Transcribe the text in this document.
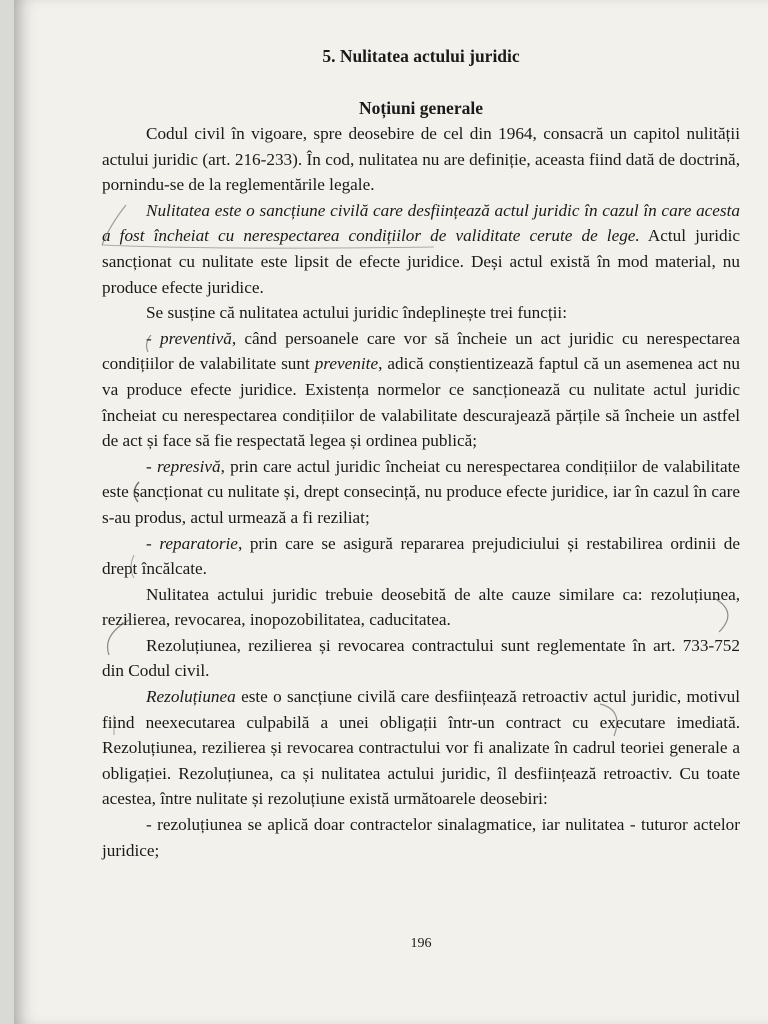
5. Nulitatea actului juridic
Noțiuni generale

Codul civil în vigoare, spre deosebire de cel din 1964, consacră un capitol nulității actului juridic (art. 216-233). În cod, nulitatea nu are definiție, aceasta fiind dată de doctrină, pornindu-se de la reglementările legale.

Nulitatea este o sancțiune civilă care desființează actul juridic în cazul în care acesta a fost încheiat cu nerespectarea condițiilor de validitate cerute de lege. Actul juridic sancționat cu nulitate este lipsit de efecte juridice. Deși actul există în mod material, nu produce efecte juridice.

Se susține că nulitatea actului juridic îndeplinește trei funcții:

- preventivă, când persoanele care vor să încheie un act juridic cu nerespectarea condițiilor de valabilitate sunt prevenite, adică conștientizează faptul că un asemenea act nu va produce efecte juridice. Existența normelor ce sancționează cu nulitate actul juridic încheiat cu nerespectarea condițiilor de valabilitate descurajează părțile să încheie un astfel de act și face să fie respectată legea și ordinea publică;

- represivă, prin care actul juridic încheiat cu nerespectarea condițiilor de valabilitate este sancționat cu nulitate și, drept consecință, nu produce efecte juridice, iar în cazul în care s-au produs, actul urmează a fi reziliat;

- reparatorie, prin care se asigură repararea prejudiciului și restabilirea ordinii de drept încălcate.

Nulitatea actului juridic trebuie deosebită de alte cauze similare ca: rezoluțiunea, rezilierea, revocarea, inopozobilitatea, caducitatea.

Rezoluțiunea, rezilierea și revocarea contractului sunt reglementate în art. 733-752 din Codul civil.

Rezoluțiunea este o sancțiune civilă care desființează retroactiv actul juridic, motivul fiind neexecutarea culpabilă a unei obligații într-un contract cu executare imediată. Rezoluțiunea, rezilierea și revocarea contractului vor fi analizate în cadrul teoriei generale a obligației. Rezoluțiunea, ca și nulitatea actului juridic, îl desființează retroactiv. Cu toate acestea, între nulitate și rezoluțiune există următoarele deosebiri:

- rezoluțiunea se aplică doar contractelor sinalagmatice, iar nulitatea - tuturor actelor juridice;

196
